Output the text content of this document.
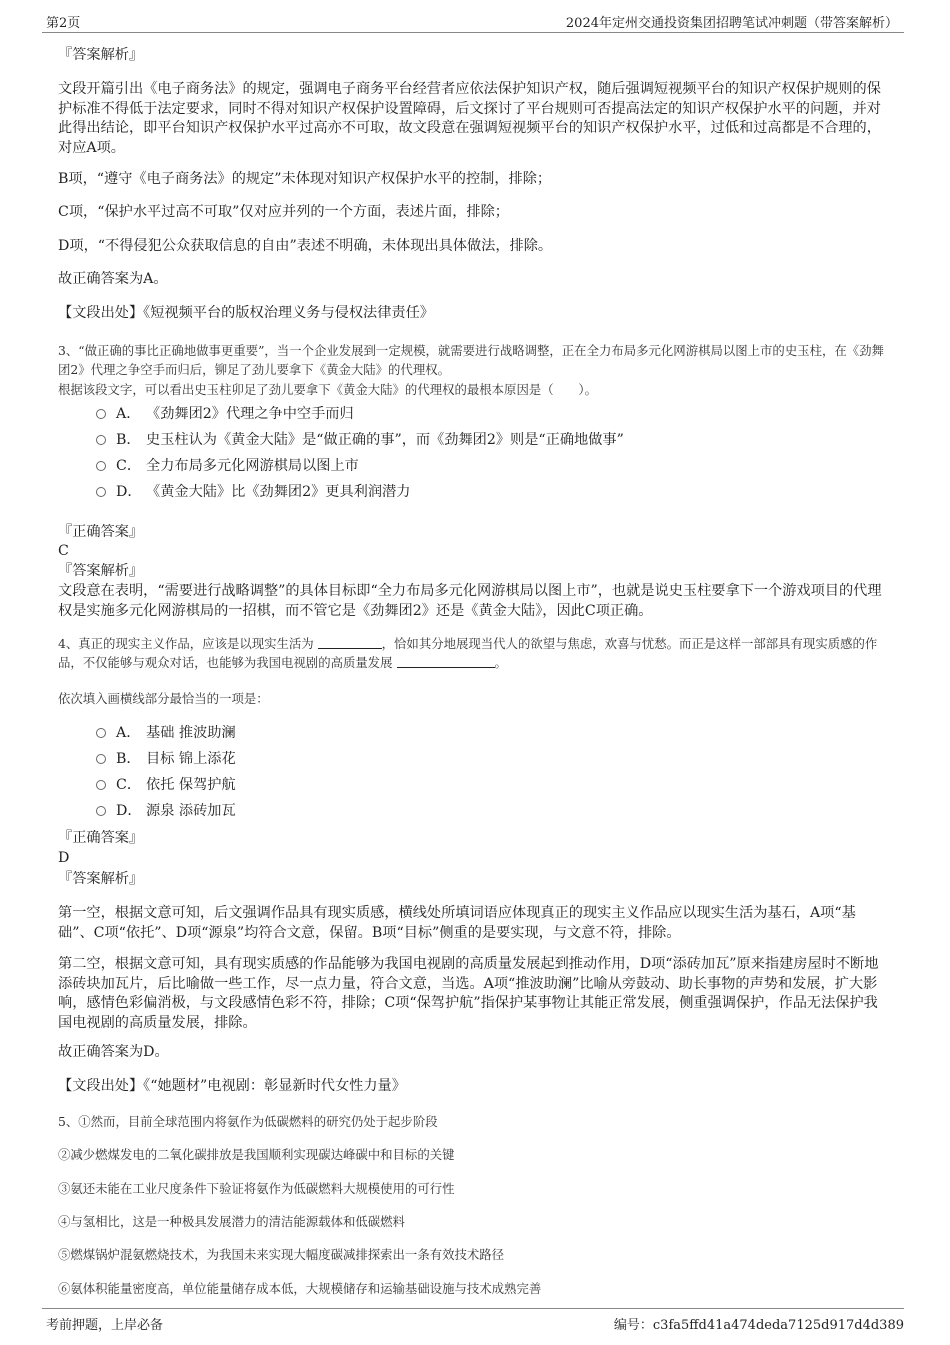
第2页	2024年定州交通投资集团招聘笔试冲刺题（带答案解析）
『答案解析』
文段开篇引出《电子商务法》的规定，强调电子商务平台经营者应依法保护知识产权，随后强调短视频平台的知识产权保护规则的保护标准不得低于法定要求，同时不得对知识产权保护设置障碍，后文探讨了平台规则可否提高法定的知识产权保护水平的问题，并对此得出结论，即平台知识产权保护水平过高亦不可取，故文段意在强调短视频平台的知识产权保护水平，过低和过高都是不合理的，对应A项。
B项，“遵守《电子商务法》的规定”未体现对知识产权保护水平的控制，排除；
C项，“保护水平过高不可取”仅对应并列的一个方面，表述片面，排除；
D项，“不得侵犯公众获取信息的自由”表述不明确，未体现出具体做法，排除。
故正确答案为A。
【文段出处】《短视频平台的版权治理义务与侵权法律责任》
3、“做正确的事比正确地做事更重要”，当一个企业发展到一定规模，就需要进行战略调整，正在全力布局多元化网游棋局以图上市的史玉柱，在《劲舞团2》代理之争空手而归后，铆足了劲儿要拿下《黄金大陆》的代理权。
根据该段文字，可以看出史玉柱卯足了劲儿要拿下《黄金大陆》的代理权的最根本原因是（　　）。
A． 《劲舞团2》代理之争中空手而归
B． 史玉柱认为《黄金大陆》是“做正确的事”，而《劲舞团2》则是“正确地做事”
C． 全力布局多元化网游棋局以图上市
D． 《黄金大陆》比《劲舞团2》更具利润潜力
『正确答案』
C
『答案解析』
文段意在表明，“需要进行战略调整”的具体目标即“全力布局多元化网游棋局以图上市”，也就是说史玉柱要拿下一个游戏项目的代理权是实施多元化网游棋局的一招棋，而不管它是《劲舞团2》还是《黄金大陆》，因此C项正确。
4、真正的现实主义作品，应该是以现实生活为	，恰如其分地展现当代人的欲望与焦虑，欢喜与忧愁。而正是这样一部部具有现实质感的作品，不仅能够与观众对话，也能够为我国电视剧的高质量发展	。
依次填入画横线部分最恰当的一项是：
A． 基础 推波助澜
B． 目标 锦上添花
C． 依托 保驾护航
D． 源泉 添砖加瓦
『正确答案』
D
『答案解析』
第一空，根据文意可知，后文强调作品具有现实质感，横线处所填词语应体现真正的现实主义作品应以现实生活为基石，A项“基础”、C项“依托”、D项“源泉”均符合文意，保留。B项“目标”侧重的是要实现，与文意不符，排除。
第二空，根据文意可知，具有现实质感的作品能够为我国电视剧的高质量发展起到推动作用，D项“添砖加瓦”原来指建房屋时不断地添砖块加瓦片，后比喻做一些工作，尽一点力量，符合文意，当选。A项“推波助澜”比喻从旁鼓动、助长事物的声势和发展，扩大影响，感情色彩偏消极，与文段感情色彩不符，排除；C项“保驾护航”指保护某事物让其能正常发展，侧重强调保护，作品无法保护我国电视剧的高质量发展，排除。
故正确答案为D。
【文段出处】《“她题材”电视剧：彰显新时代女性力量》
5、①然而，目前全球范围内将氨作为低碳燃料的研究仍处于起步阶段
②减少燃煤发电的二氧化碳排放是我国顺利实现碳达峰碳中和目标的关键
③氨还未能在工业尺度条件下验证将氨作为低碳燃料大规模使用的可行性
④与氢相比，这是一种极具发展潜力的清洁能源载体和低碳燃料
⑤燃煤锅炉混氨燃烧技术，为我国未来实现大幅度碳减排探索出一条有效技术路径
⑥氨体积能量密度高，单位能量储存成本低，大规模储存和运输基础设施与技术成熟完善
考前押题，上岸必备	编号：c3fa5ffd41a474deda7125d917d4d389
